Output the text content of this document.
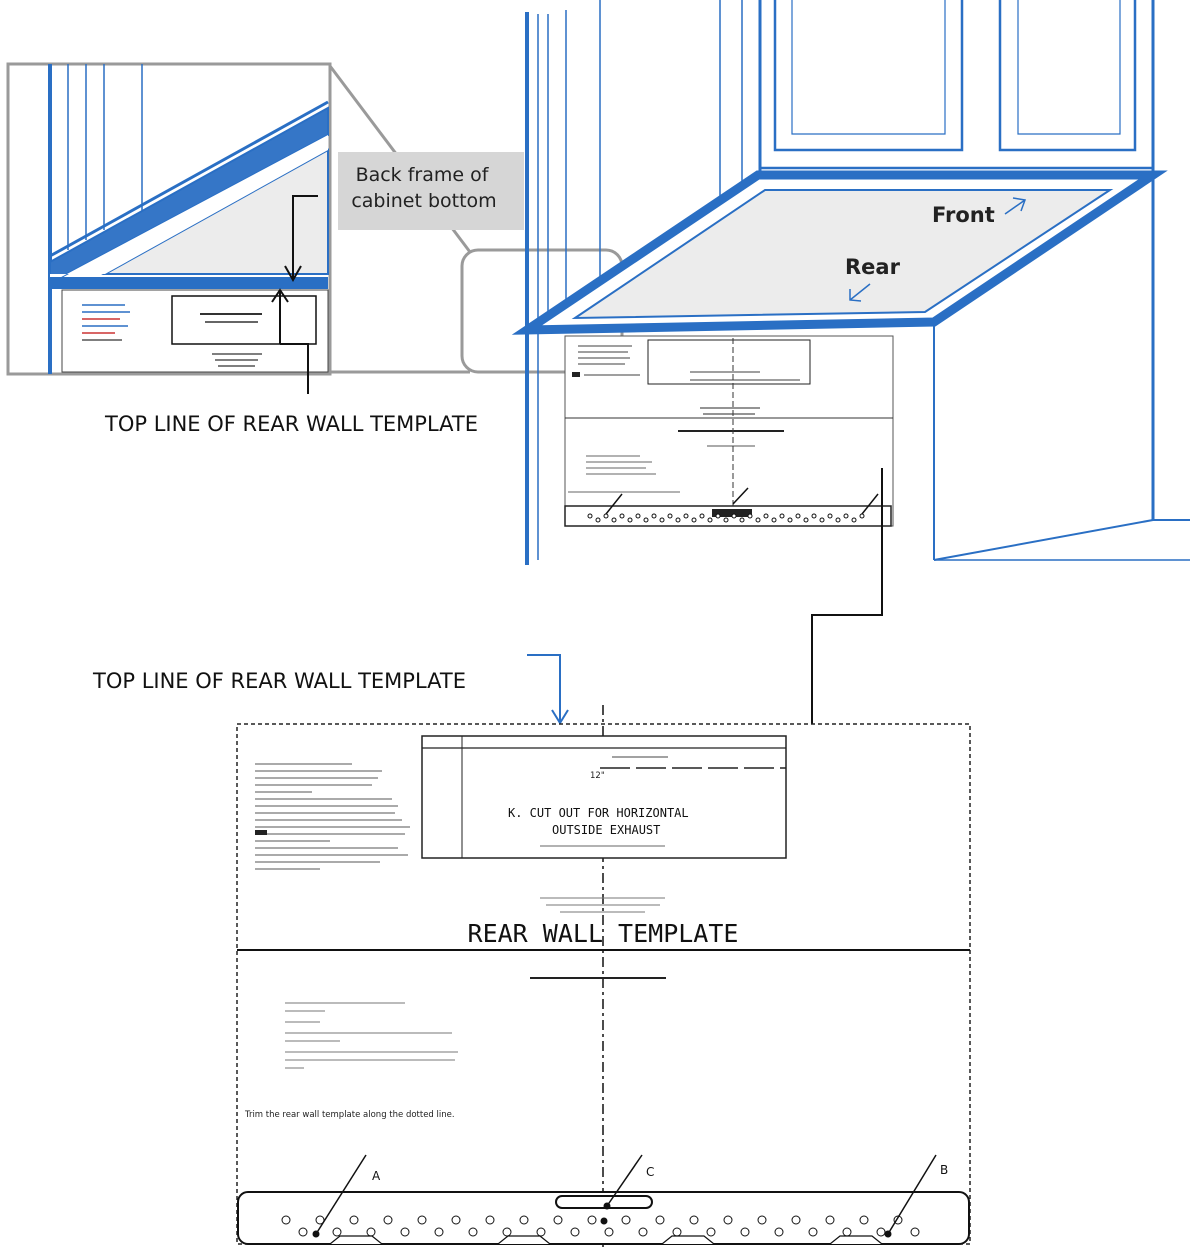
Back frame of
cabinet bottom
TOP LINE OF REAR WALL TEMPLATE
Front
Rear
TOP LINE OF REAR WALL TEMPLATE
12"
K. CUT OUT FOR HORIZONTAL
OUTSIDE EXHAUST
REAR WALL TEMPLATE
Trim the rear wall template along the dotted line.
A	B
C
